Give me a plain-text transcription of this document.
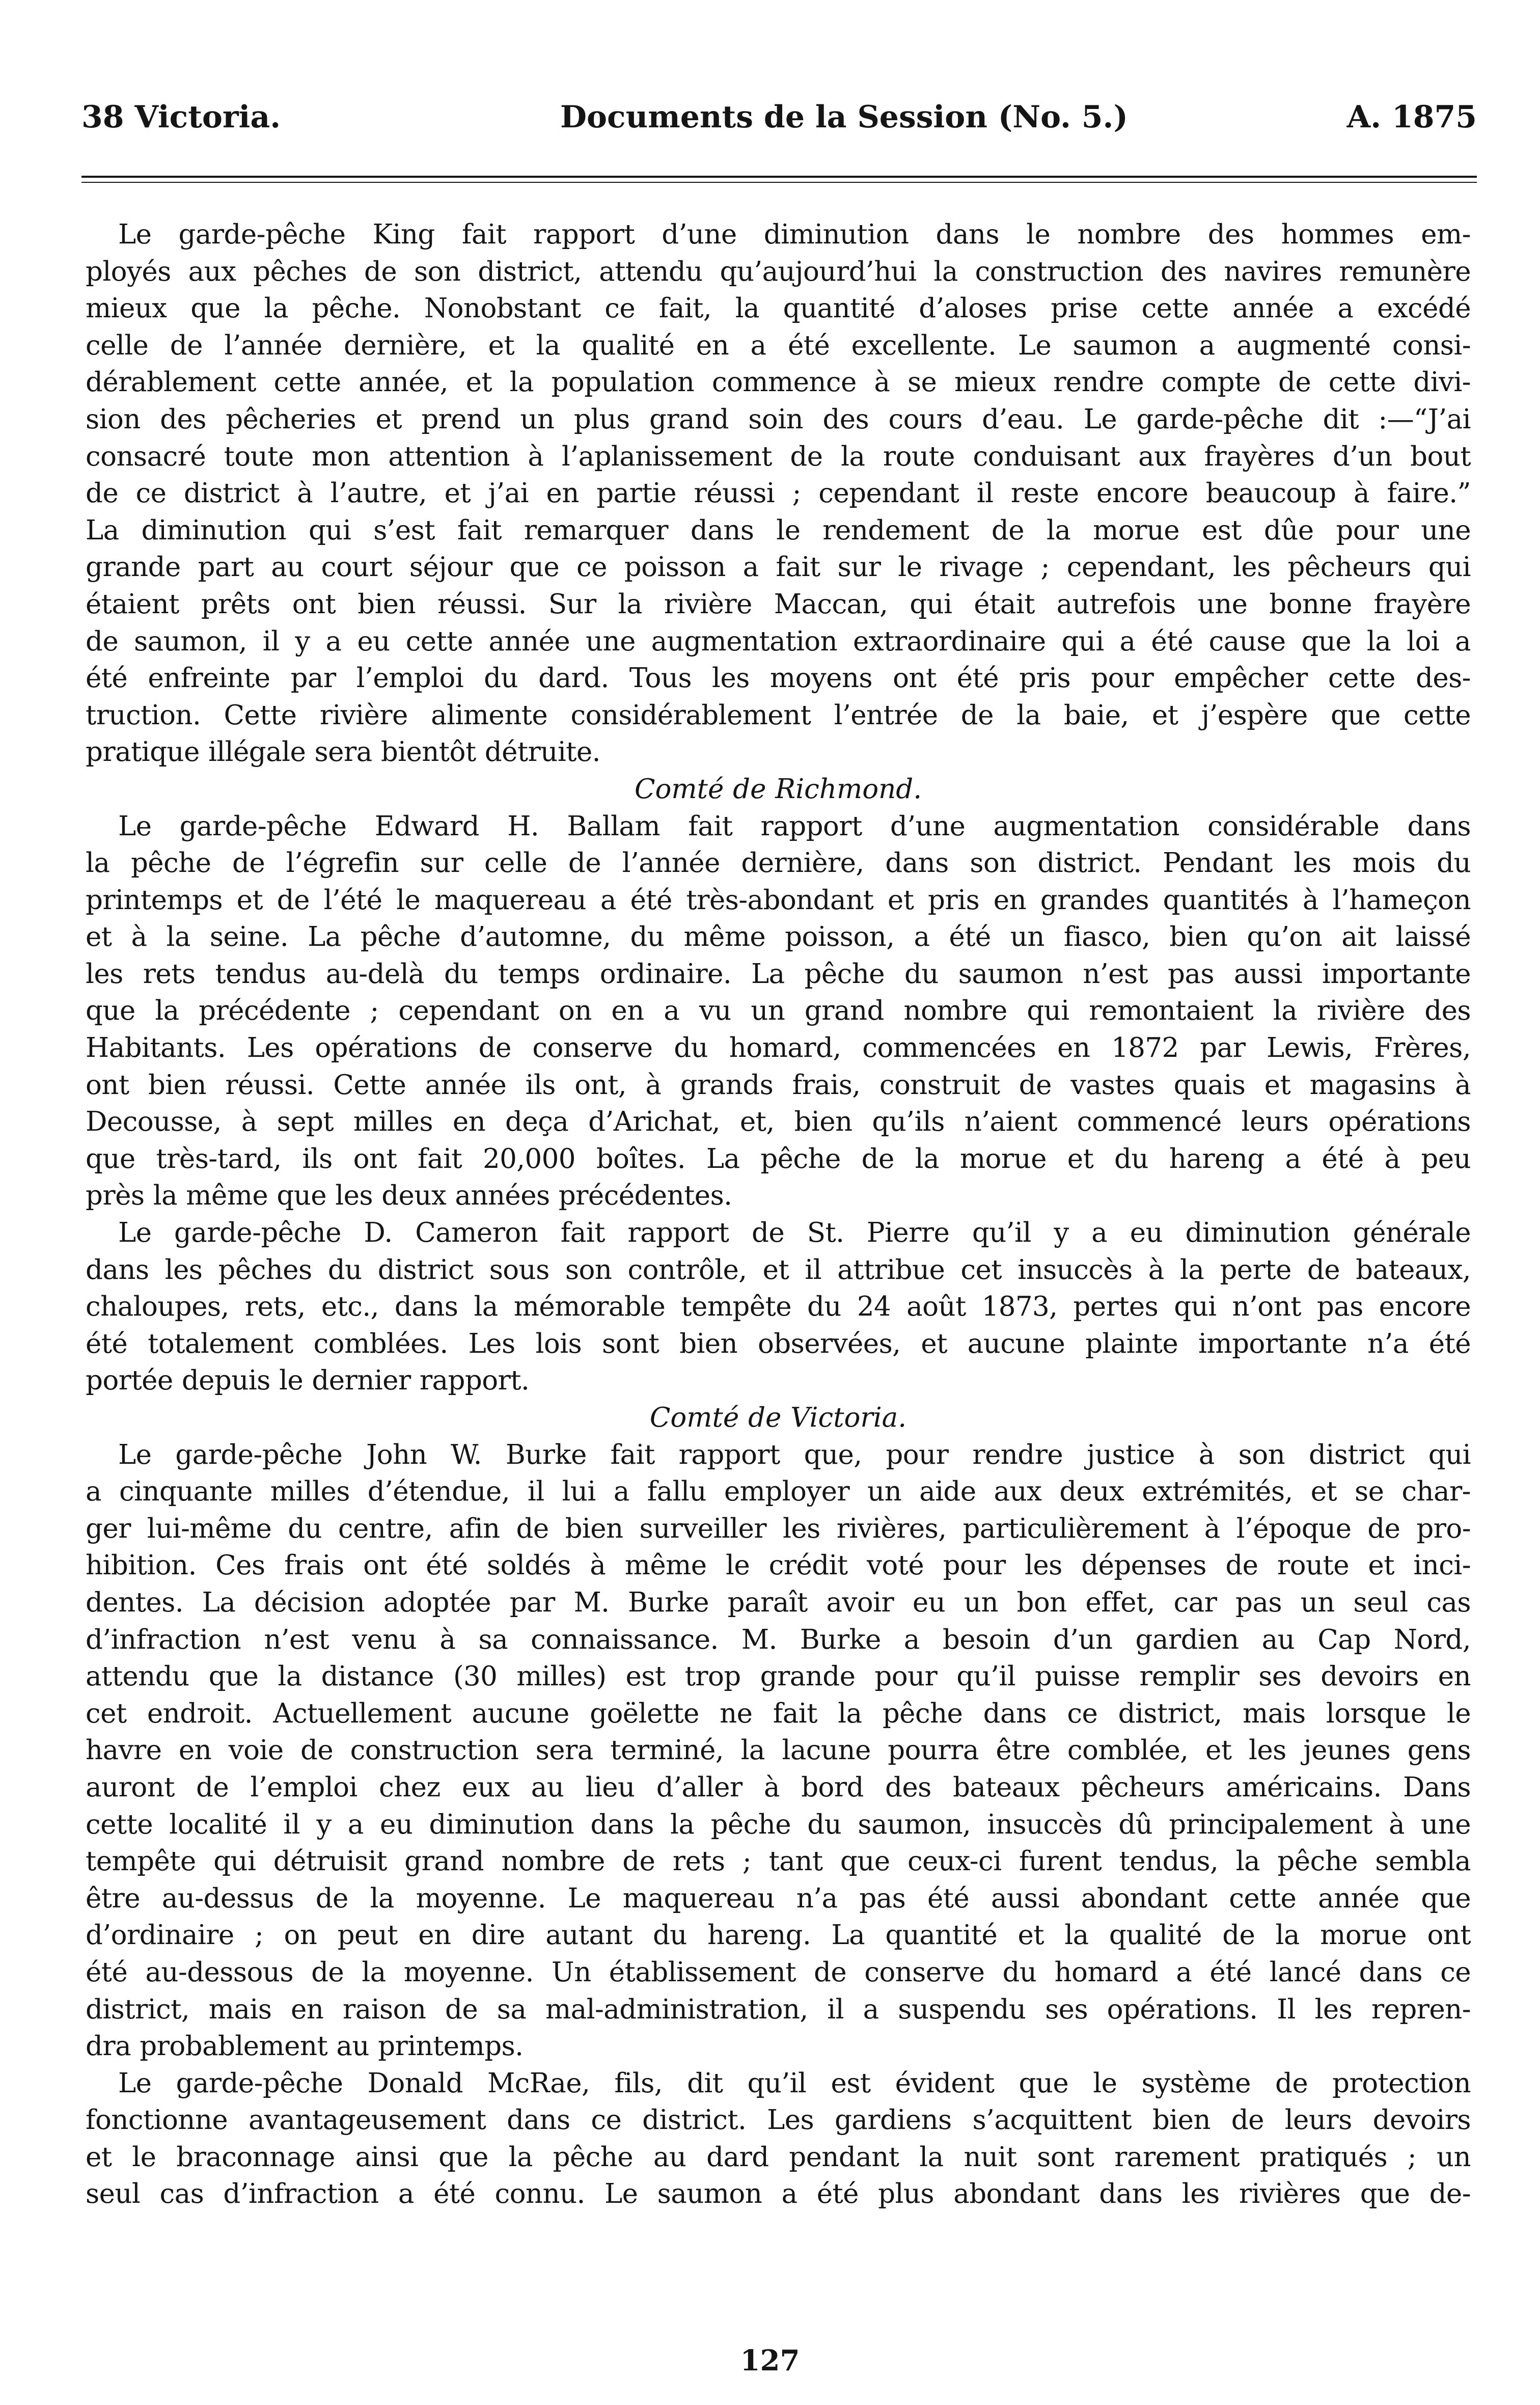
38 Victoria.	Documents de la Session (No. 5.)	A. 1875
Le garde-pêche King fait rapport d’une diminution dans le nombre des hommes em-
ployés aux pêches de son district, attendu qu’aujourd’hui la construction des navires remunère
mieux que la pêche. Nonobstant ce fait, la quantité d’aloses prise cette année a excédé
celle de l’année dernière, et la qualité en a été excellente. Le saumon a augmenté consi-
dérablement cette année, et la population commence à se mieux rendre compte de cette divi-
sion des pêcheries et prend un plus grand soin des cours d’eau. Le garde-pêche dit :—“J’ai
consacré toute mon attention à l’aplanissement de la route conduisant aux frayères d’un bout
de ce district à l’autre, et j’ai en partie réussi ; cependant il reste encore beaucoup à faire.”
La diminution qui s’est fait remarquer dans le rendement de la morue est dûe pour une
grande part au court séjour que ce poisson a fait sur le rivage ; cependant, les pêcheurs qui
étaient prêts ont bien réussi. Sur la rivière Maccan, qui était autrefois une bonne frayère
de saumon, il y a eu cette année une augmentation extraordinaire qui a été cause que la loi a
été enfreinte par l’emploi du dard. Tous les moyens ont été pris pour empêcher cette des-
truction. Cette rivière alimente considérablement l’entrée de la baie, et j’espère que cette
pratique illégale sera bientôt détruite.
Comté de Richmond.
Le garde-pêche Edward H. Ballam fait rapport d’une augmentation considérable dans
la pêche de l’égrefin sur celle de l’année dernière, dans son district. Pendant les mois du
printemps et de l’été le maquereau a été très-abondant et pris en grandes quantités à l’hameçon
et à la seine. La pêche d’automne, du même poisson, a été un fiasco, bien qu’on ait laissé
les rets tendus au-delà du temps ordinaire. La pêche du saumon n’est pas aussi importante
que la précédente ; cependant on en a vu un grand nombre qui remontaient la rivière des
Habitants. Les opérations de conserve du homard, commencées en 1872 par Lewis, Frères,
ont bien réussi. Cette année ils ont, à grands frais, construit de vastes quais et magasins à
Decousse, à sept milles en deça d’Arichat, et, bien qu’ils n’aient commencé leurs opérations
que très-tard, ils ont fait 20,000 boîtes. La pêche de la morue et du hareng a été à peu
près la même que les deux années précédentes.
Le garde-pêche D. Cameron fait rapport de St. Pierre qu’il y a eu diminution générale
dans les pêches du district sous son contrôle, et il attribue cet insuccès à la perte de bateaux,
chaloupes, rets, etc., dans la mémorable tempête du 24 août 1873, pertes qui n’ont pas encore
été totalement comblées. Les lois sont bien observées, et aucune plainte importante n’a été
portée depuis le dernier rapport.
Comté de Victoria.
Le garde-pêche John W. Burke fait rapport que, pour rendre justice à son district qui
a cinquante milles d’étendue, il lui a fallu employer un aide aux deux extrémités, et se char-
ger lui-même du centre, afin de bien surveiller les rivières, particulièrement à l’époque de pro-
hibition. Ces frais ont été soldés à même le crédit voté pour les dépenses de route et inci-
dentes. La décision adoptée par M. Burke paraît avoir eu un bon effet, car pas un seul cas
d’infraction n’est venu à sa connaissance. M. Burke a besoin d’un gardien au Cap Nord,
attendu que la distance (30 milles) est trop grande pour qu’il puisse remplir ses devoirs en
cet endroit. Actuellement aucune goëlette ne fait la pêche dans ce district, mais lorsque le
havre en voie de construction sera terminé, la lacune pourra être comblée, et les jeunes gens
auront de l’emploi chez eux au lieu d’aller à bord des bateaux pêcheurs américains. Dans
cette localité il y a eu diminution dans la pêche du saumon, insuccès dû principalement à une
tempête qui détruisit grand nombre de rets ; tant que ceux-ci furent tendus, la pêche sembla
être au-dessus de la moyenne. Le maquereau n’a pas été aussi abondant cette année que
d’ordinaire ; on peut en dire autant du hareng. La quantité et la qualité de la morue ont
été au-dessous de la moyenne. Un établissement de conserve du homard a été lancé dans ce
district, mais en raison de sa mal-administration, il a suspendu ses opérations. Il les repren-
dra probablement au printemps.
Le garde-pêche Donald McRae, fils, dit qu’il est évident que le système de protection
fonctionne avantageusement dans ce district. Les gardiens s’acquittent bien de leurs devoirs
et le braconnage ainsi que la pêche au dard pendant la nuit sont rarement pratiqués ; un
seul cas d’infraction a été connu. Le saumon a été plus abondant dans les rivières que de-
127
